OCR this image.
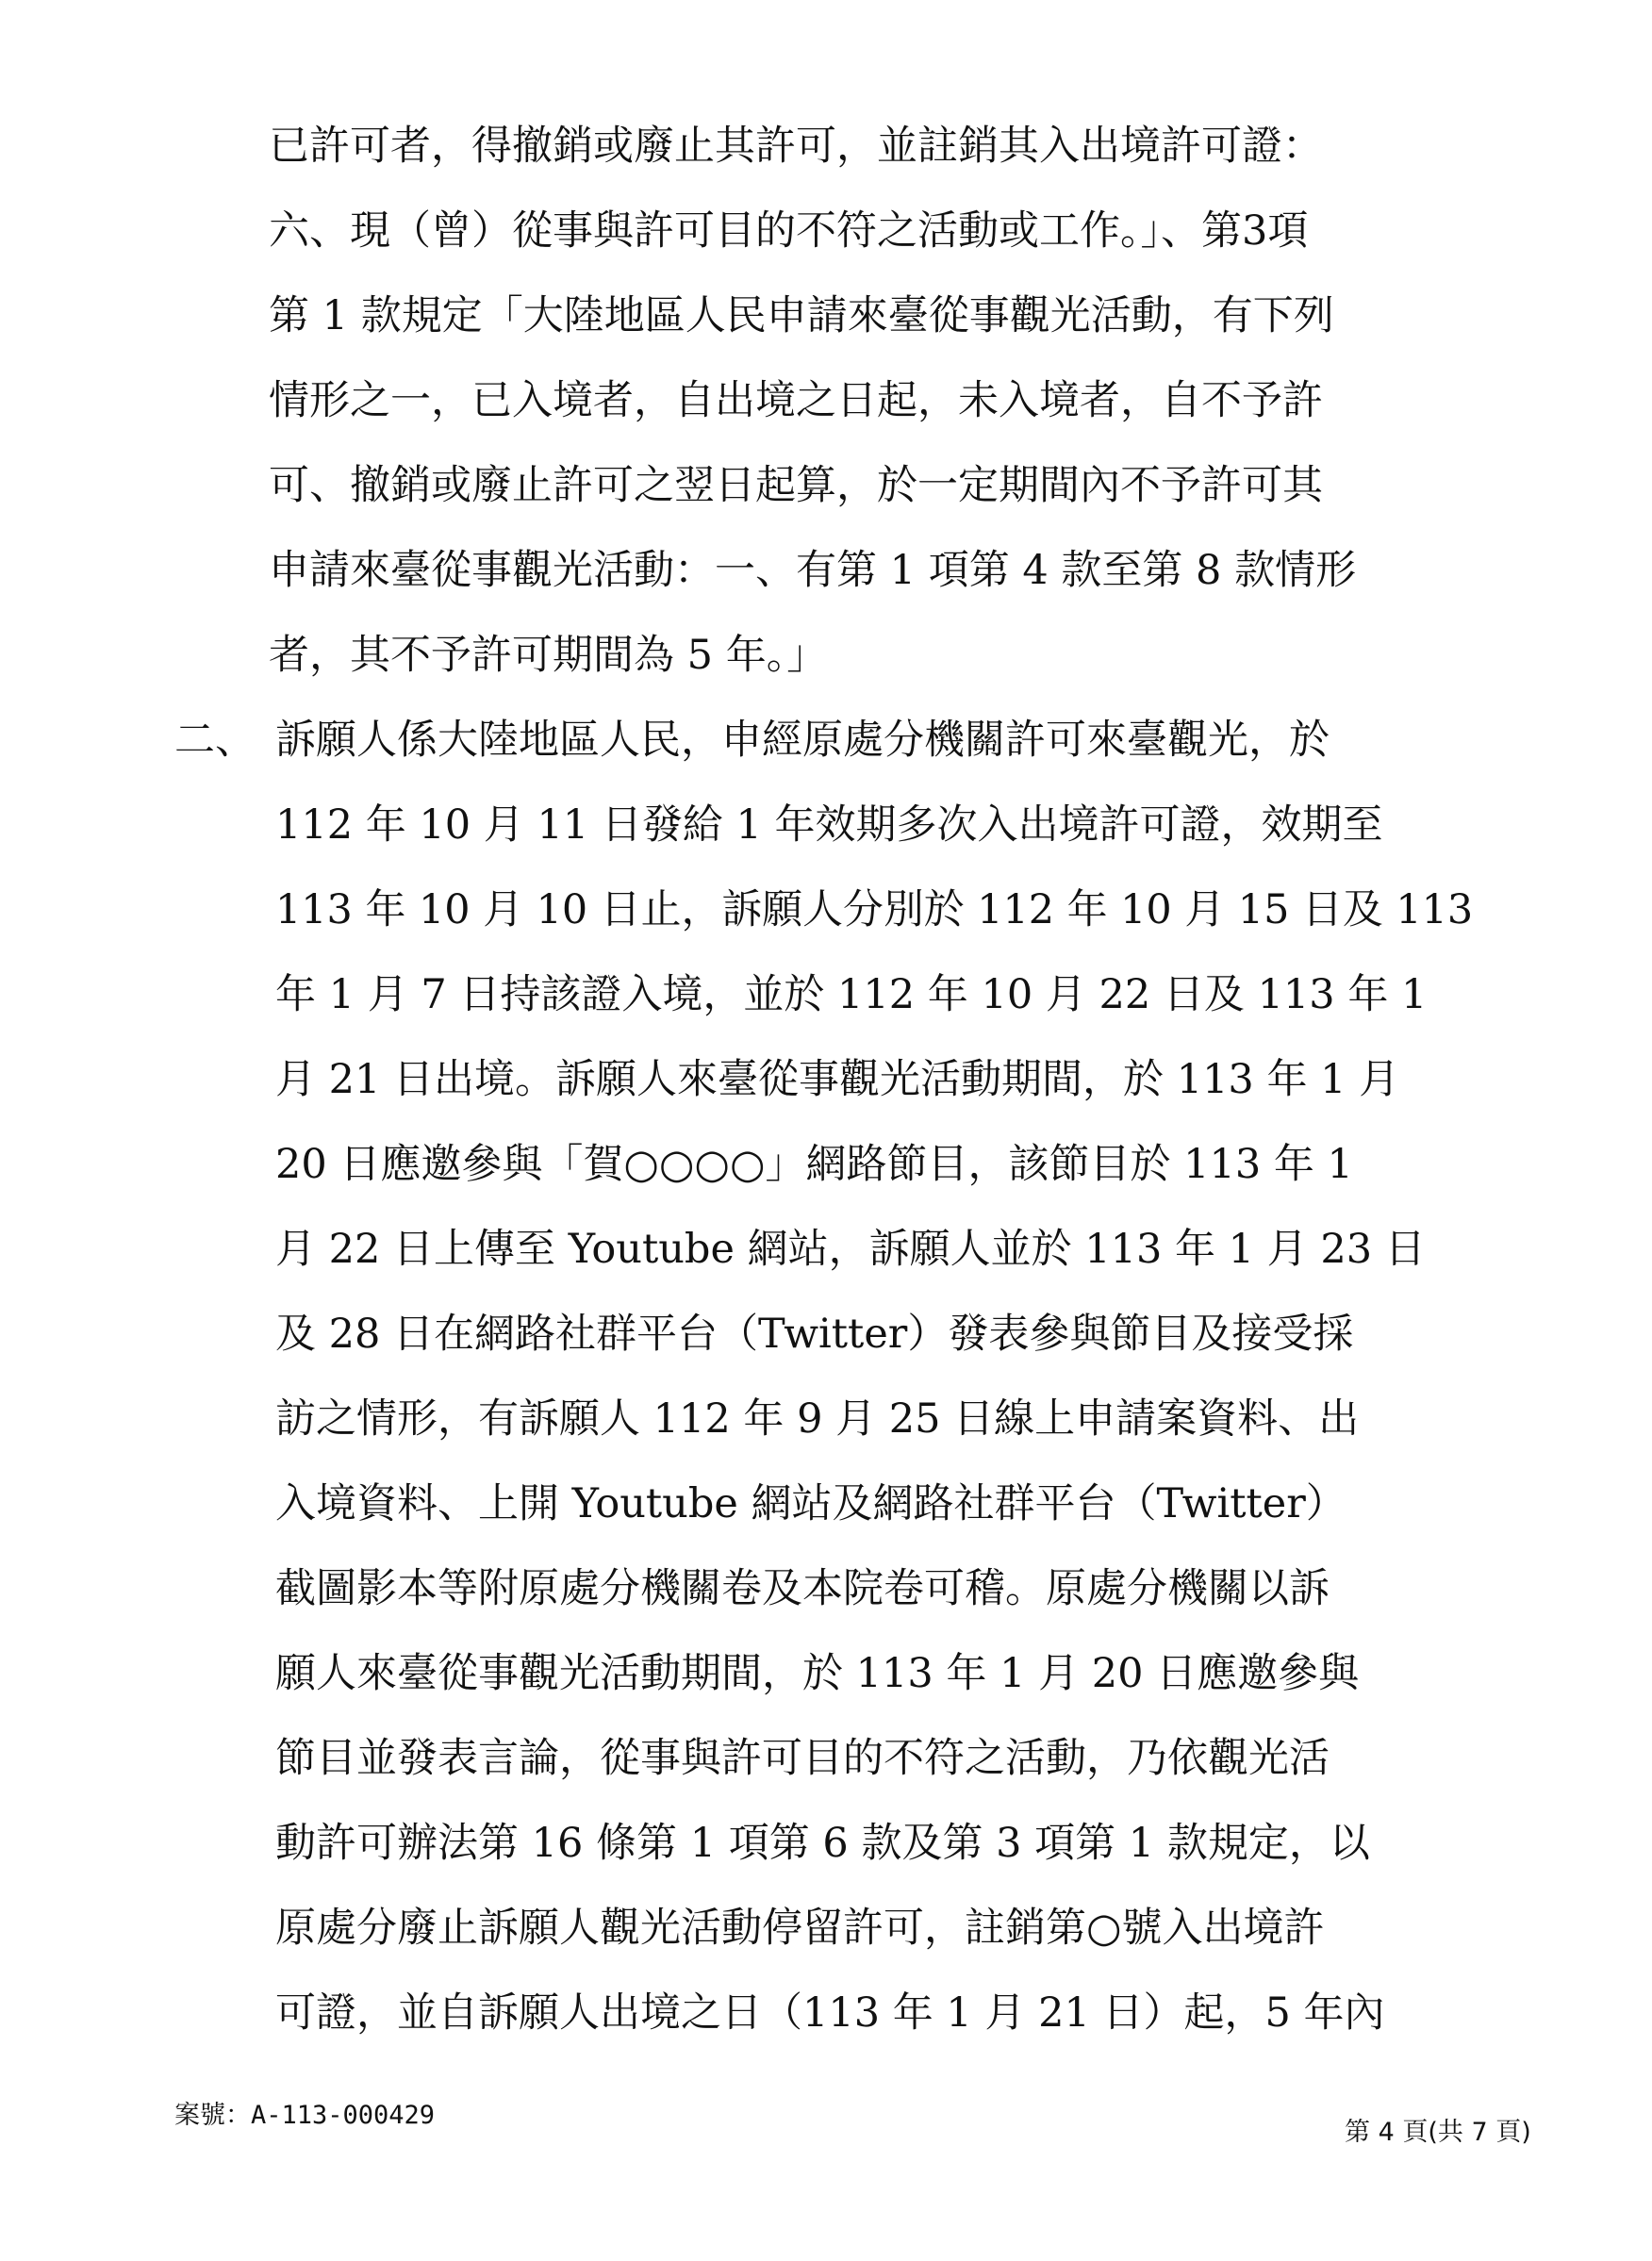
已許可者，得撤銷或廢止其許可，並註銷其入出境許可證：
六、現（曾）從事與許可目的不符之活動或工作。」、第3項
第 1 款規定「大陸地區人民申請來臺從事觀光活動，有下列
情形之一，已入境者，自出境之日起，未入境者，自不予許
可、撤銷或廢止許可之翌日起算，於一定期間內不予許可其
申請來臺從事觀光活動：一、有第 1 項第 4 款至第 8 款情形
者，其不予許可期間為 5 年。」
二、 訴願人係大陸地區人民，申經原處分機關許可來臺觀光，於
112 年 10 月 11 日發給 1 年效期多次入出境許可證，效期至
113 年 10 月 10 日止，訴願人分別於 112 年 10 月 15 日及 113
年 1 月 7 日持該證入境，並於 112 年 10 月 22 日及 113 年 1
月 21 日出境。訴願人來臺從事觀光活動期間，於 113 年 1 月
20 日應邀參與「賀○○○○」網路節目，該節目於 113 年 1
月 22 日上傳至 Youtube 網站，訴願人並於 113 年 1 月 23 日
及 28 日在網路社群平台（Twitter）發表參與節目及接受採
訪之情形，有訴願人 112 年 9 月 25 日線上申請案資料、出
入境資料、上開 Youtube 網站及網路社群平台（Twitter）
截圖影本等附原處分機關卷及本院卷可稽。原處分機關以訴
願人來臺從事觀光活動期間，於 113 年 1 月 20 日應邀參與
節目並發表言論，從事與許可目的不符之活動，乃依觀光活
動許可辦法第 16 條第 1 項第 6 款及第 3 項第 1 款規定，以
原處分廢止訴願人觀光活動停留許可，註銷第○號入出境許
可證，並自訴願人出境之日（113 年 1 月 21 日）起，5 年內
案號：A-113-000429
第 4 頁(共 7 頁)
